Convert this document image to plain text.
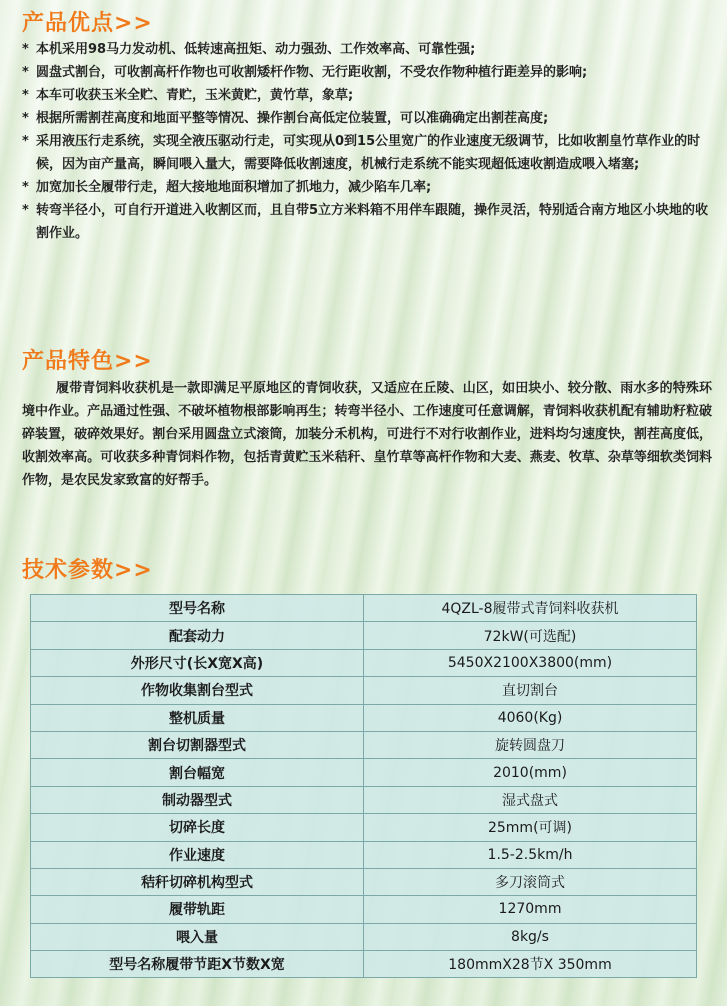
产品优点>>
* 本机采用98马力发动机、低转速高扭矩、动力强劲、工作效率高、可靠性强;
* 圆盘式割台，可收割高杆作物也可收割矮杆作物、无行距收割，不受农作物种植行距差异的影响;
* 本车可收获玉米全贮、青贮，玉米黄贮，黄竹草，象草;
* 根据所需割茬高度和地面平整等情况、操作割台高低定位装置，可以准确确定出割茬高度;
* 采用液压行走系统，实现全液压驱动行走，可实现从0到15公里宽广的作业速度无级调节，比如收割皇竹草作业的时候，因为亩产量高，瞬间喂入量大，需要降低收割速度，机械行走系统不能实现超低速收割造成喂入堵塞;
* 加宽加长全履带行走，超大接地地面积增加了抓地力，减少陷车几率;
* 转弯半径小，可自行开道进入收割区而，且自带5立方米料箱不用伴车跟随，操作灵活，特别适合南方地区小块地的收割作业。
产品特色>>

履带青饲料收获机是一款即满足平原地区的青饲收获，又适应在丘陵、山区，如田块小、较分散、雨水多的特殊环境中作业。产品通过性强、不破坏植物根部影响再生；转弯半径小、工作速度可任意调解，青饲料收获机配有辅助籽粒破碎装置，破碎效果好。割台采用圆盘立式滚筒，加装分禾机构，可进行不对行收割作业，进料均匀速度快，割茬高度低，收割效率高。可收获多种青饲料作物，包括青黄贮玉米秸秆、皇竹草等高杆作物和大麦、燕麦、牧草、杂草等细软类饲料作物，是农民发家致富的好帮手。

技术参数>>
型号名称	4QZL-8履带式青饲料收获机
配套动力	72kW(可选配)
外形尺寸(长X宽X高)	5450X2100X3800(mm)
作物收集割台型式	直切割台
整机质量	4060(Kg)
割台切割器型式	旋转圆盘刀
割台幅宽	2010(mm)
制动器型式	湿式盘式
切碎长度	25mm(可调)
作业速度	1.5-2.5km/h
秸秆切碎机构型式	多刀滚筒式
履带轨距	1270mm
喂入量	8kg/s
型号名称履带节距X节数X宽	180mmX28节X 350mm
